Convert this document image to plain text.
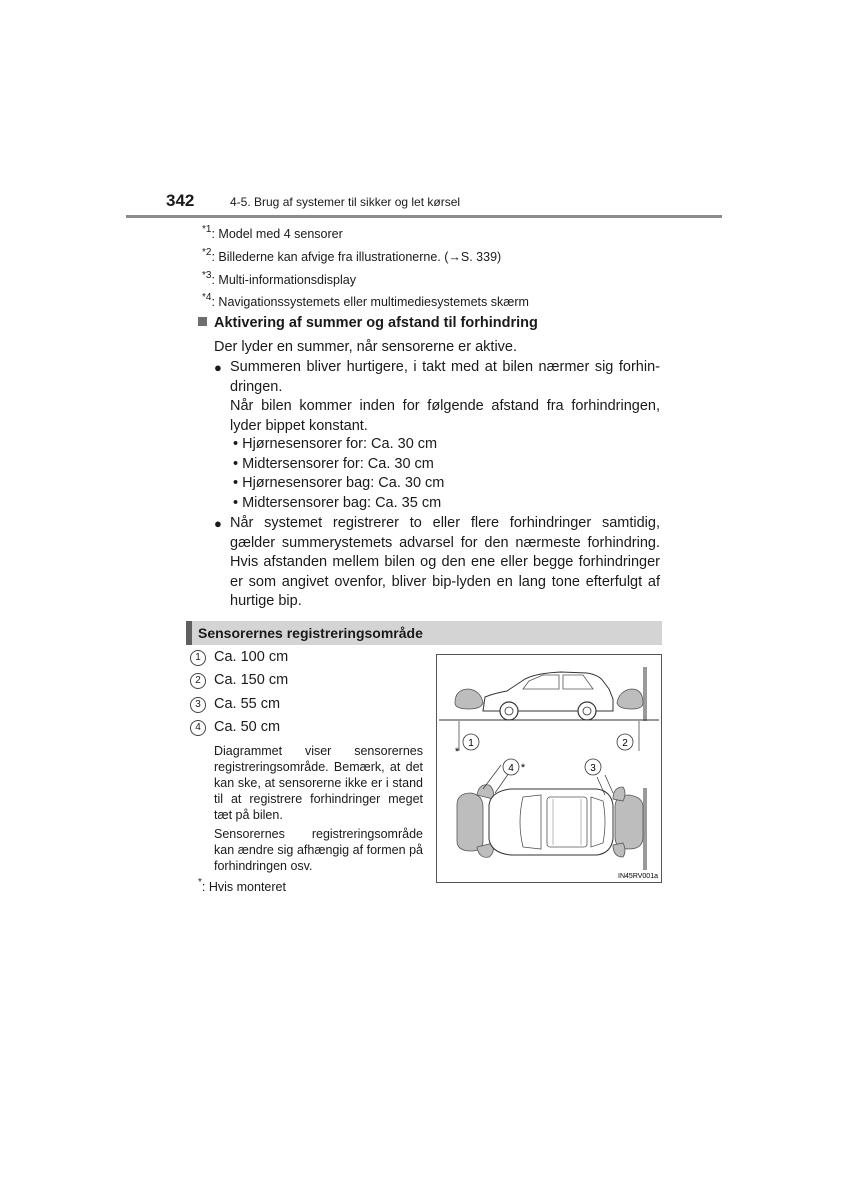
342	4-5. Brug af systemer til sikker og let kørsel
$^{*1}$: Model med 4 sensorer
$^{*2}$: Billederne kan afvige fra illustrationerne. (→S. 339)
$^{*3}$: Multi-informationsdisplay
$^{*4}$: Navigationssystemets eller multimediesystemets skærm
Aktivering af summer og afstand til forhindring
Der lyder en summer, når sensorerne er aktive.
● Summeren bliver hurtigere, i takt med at bilen nærmer sig forhindringen.
Når bilen kommer inden for følgende afstand fra forhindringen, lyder bippet konstant.
• Hjørnesensorer for: Ca. 30 cm
• Midtersensorer for: Ca. 30 cm
• Hjørnesensorer bag: Ca. 30 cm
• Midtersensorer bag: Ca. 35 cm
● Når systemet registrerer to eller flere forhindringer samtidig, gælder summerystemets advarsel for den nærmeste forhindring. Hvis afstanden mellem bilen og den ene eller begge forhindringer er som angivet ovenfor, bliver bip-lyden en lang tone efterfulgt af hurtige bip.
Sensorernes registreringsområde
1 Ca. 100 cm
2 Ca. 150 cm
3 Ca. 55 cm
4 Ca. 50 cm
Diagrammet viser sensorernes registreringsområde. Bemærk, at det kan ske, at sensorerne ikke er i stand til at registrere forhindringer meget tæt på bilen.
Sensorernes registreringsområde kan ændre sig afhængig af formen på forhindringen osv.
*: Hvis monteret
1	2
*
4 *	3
IN45RV001a
